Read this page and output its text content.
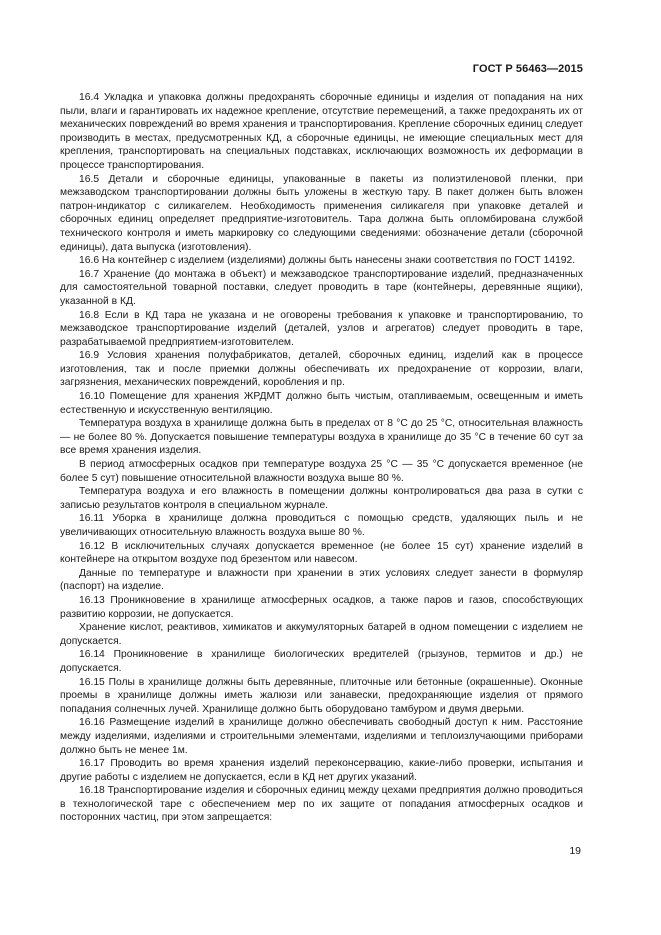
ГОСТ Р 56463—2015

16.4 Укладка и упаковка должны предохранять сборочные единицы и изделия от попадания на них пыли, влаги и гарантировать их надежное крепление, отсутствие перемещений, а также предохранять их от механических повреждений во время хранения и транспортирования. Крепление сборочных единиц следует производить в местах, предусмотренных КД, а сборочные единицы, не имеющие специальных мест для крепления, транспортировать на специальных подставках, исключающих возможность их деформации в процессе транспортирования.

16.5 Детали и сборочные единицы, упакованные в пакеты из полиэтиленовой пленки, при межзаводском транспортировании должны быть уложены в жесткую тару. В пакет должен быть вложен патрон-индикатор с силикагелем. Необходимость применения силикагеля при упаковке деталей и сборочных единиц определяет предприятие-изготовитель. Тара должна быть опломбирована службой технического контроля и иметь маркировку со следующими сведениями: обозначение детали (сборочной единицы), дата выпуска (изготовления).

16.6 На контейнер с изделием (изделиями) должны быть нанесены знаки соответствия по ГОСТ 14192.

16.7 Хранение (до монтажа в объект) и межзаводское транспортирование изделий, предназначенных для самостоятельной товарной поставки, следует проводить в таре (контейнеры, деревянные ящики), указанной в КД.

16.8 Если в КД тара не указана и не оговорены требования к упаковке и транспортированию, то межзаводское транспортирование изделий (деталей, узлов и агрегатов) следует проводить в таре, разрабатываемой предприятием-изготовителем.

16.9 Условия хранения полуфабрикатов, деталей, сборочных единиц, изделий как в процессе изготовления, так и после приемки должны обеспечивать их предохранение от коррозии, влаги, загрязнения, механических повреждений, коробления и пр.

16.10 Помещение для хранения ЖРДМТ должно быть чистым, отапливаемым, освещенным и иметь естественную и искусственную вентиляцию.

Температура воздуха в хранилище должна быть в пределах от 8 °С до 25 °С, относительная влажность — не более 80 %. Допускается повышение температуры воздуха в хранилище до 35 °С в течение 60 сут за все время хранения изделия.

В период атмосферных осадков при температуре воздуха 25 °С — 35 °С допускается временное (не более 5 сут) повышение относительной влажности воздуха выше 80 %.

Температура воздуха и его влажность в помещении должны контролироваться два раза в сутки с записью результатов контроля в специальном журнале.

16.11 Уборка в хранилище должна проводиться с помощью средств, удаляющих пыль и не увеличивающих относительную влажность воздуха выше 80 %.

16.12 В исключительных случаях допускается временное (не более 15 сут) хранение изделий в контейнере на открытом воздухе под брезентом или навесом.

Данные по температуре и влажности при хранении в этих условиях следует занести в формуляр (паспорт) на изделие.

16.13 Проникновение в хранилище атмосферных осадков, а также паров и газов, способствующих развитию коррозии, не допускается.

Хранение кислот, реактивов, химикатов и аккумуляторных батарей в одном помещении с изделием не допускается.

16.14 Проникновение в хранилище биологических вредителей (грызунов, термитов и др.) не допускается.

16.15 Полы в хранилище должны быть деревянные, плиточные или бетонные (окрашенные). Оконные проемы в хранилище должны иметь жалюзи или занавески, предохраняющие изделия от прямого попадания солнечных лучей. Хранилище должно быть оборудовано тамбуром и двумя дверьми.

16.16 Размещение изделий в хранилище должно обеспечивать свободный доступ к ним. Расстояние между изделиями, изделиями и строительными элементами, изделиями и теплоизлучающими приборами должно быть не менее 1м.

16.17 Проводить во время хранения изделий переконсервацию, какие-либо проверки, испытания и другие работы с изделием не допускается, если в КД нет других указаний.

16.18 Транспортирование изделия и сборочных единиц между цехами предприятия должно проводиться в технологической таре с обеспечением мер по их защите от попадания атмосферных осадков и посторонних частиц, при этом запрещается:

19
